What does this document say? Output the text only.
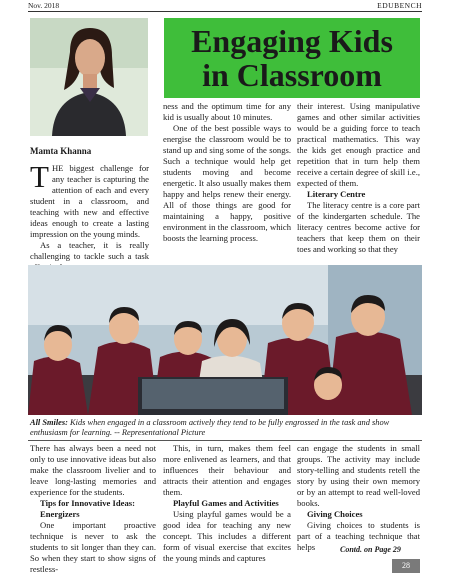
Nov. 2018	EDUBENCH
Engaging Kids
in Classroom
Mamta Khanna

THE biggest challenge for any teacher is capturing the attention of each and every student in a classroom, and teaching with new and effective ideas enough to create a lasting impression on the young minds.

As a teacher, it is really challenging to tackle such a task

ness and the optimum time for any kid is usually about 10 minutes.

One of the best possible ways to energise the classroom would be to stand up and sing some of the songs. Such a technique would help get students moving and become energetic. It also usually makes them happy and helps renew their energy. All of those things are good for maintaining a happy, positive environment in the classroom, which boosts the learning process.

their interest. Using manipulative games and other similar activities would be a guiding force to teach practical mathematics. This way the kids get enough practice and repetition that in turn help them receive a certain degree of skill i.e., expected of them.

Literary Centre

The literacy centre is a core part of the kindergarten schedule. The literacy centres become active for teachers that keep them on their toes and working so that they

All Smiles: Kids when engaged in a classroom actively they tend to be fully engrossed in the task and show enthusiasm for learning. -- Representational Picture

There has always been a need not only to use innovative ideas but also make the classroom livelier and to leave long-lasting memories and experience for the students.

Tips for Innovative Ideas:

Energizers

One important proactive technique is never to ask the students to sit longer than they can. So when they start to show signs of restless-

This, in turn, makes them feel more enlivened as learners, and that influences their behaviour and attracts their attention and engages them.

Playful Games and Activities

Using playful games would be a good idea for teaching any new concept. This includes a different form of visual exercise that excites the young minds and captures

can engage the students in small groups. The activity may include story-telling and students retell the story by using their own memory or by an attempt to read well-loved books.

Giving Choices

Giving choices to students is part of a teaching technique that helps	Contd. on Page 29
28
